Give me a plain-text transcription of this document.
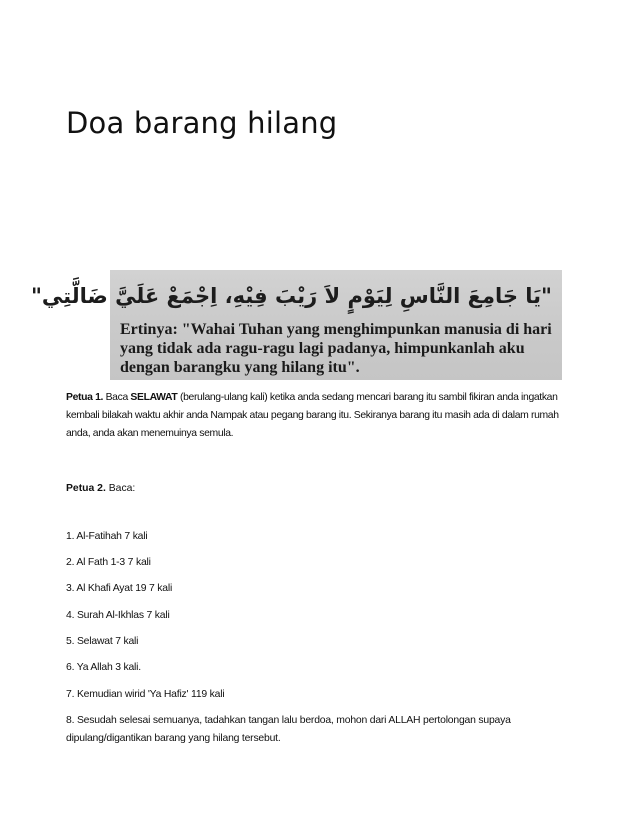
Doa barang hilang
"يَا جَامِعَ النَّاسِ لِيَوْمٍ لاَ رَيْبَ فِيْهِ، اِجْمَعْ عَلَيَّ ضَالَّتِي"

Ertinya: "Wahai Tuhan yang menghimpunkan manusia di hari yang tidak ada ragu-ragu lagi padanya, himpunkanlah aku dengan barangku yang hilang itu".

Petua 1. Baca SELAWAT (berulang-ulang kali) ketika anda sedang mencari barang itu sambil fikiran anda ingatkan kembali bilakah waktu akhir anda Nampak atau pegang barang itu. Sekiranya barang itu masih ada di dalam rumah anda, anda akan menemuinya semula.

Petua 2. Baca:

1. Al-Fatihah 7 kali
2. Al Fath 1-3 7 kali
3. Al Khafi Ayat 19 7 kali
4. Surah Al-Ikhlas 7 kali
5. Selawat 7 kali
6. Ya Allah 3 kali.
7. Kemudian wirid 'Ya Hafiz' 119 kali
8. Sesudah selesai semuanya, tadahkan tangan lalu berdoa, mohon dari ALLAH pertolongan supaya dipulang/digantikan barang yang hilang tersebut.
